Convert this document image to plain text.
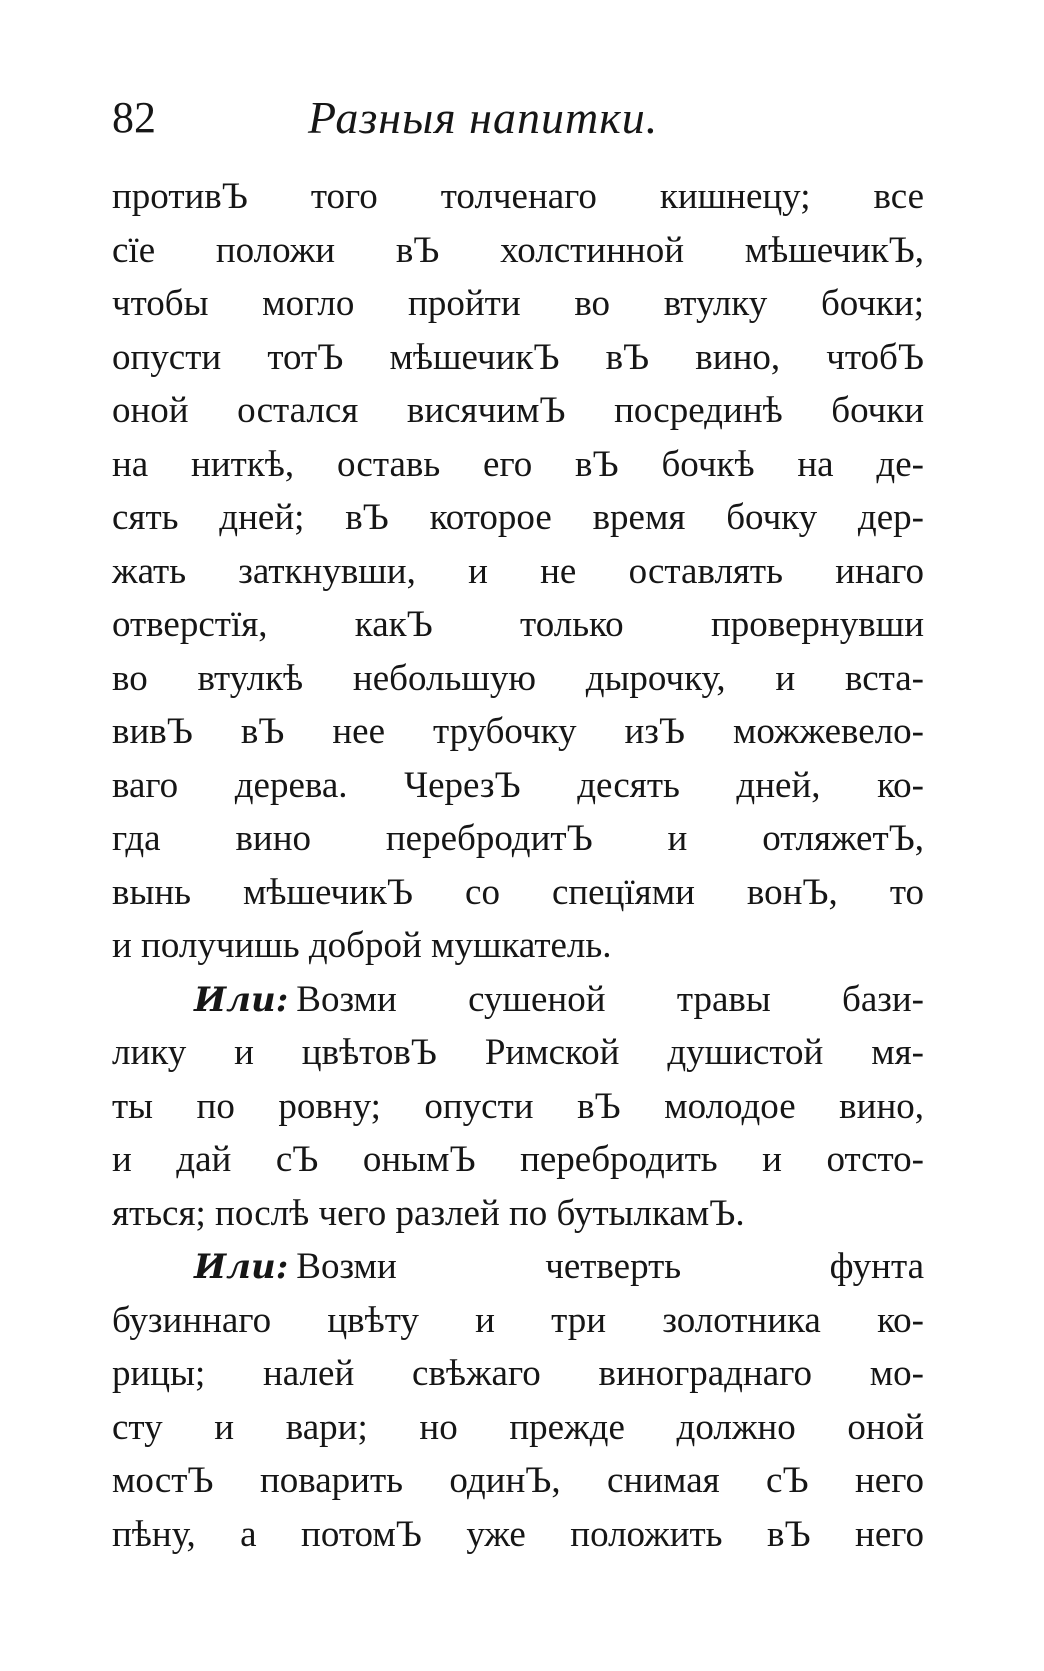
82	Разныя напитки.
противЪ того толченаго кишнецу; все
сїе положи вЪ холстинной мѣшечикЪ,
чтобы могло пройти во втулку бочки;
опусти тотЪ мѣшечикЪ вЪ вино, чтобЪ
оной остался висячимЪ посрединѣ бочки
на ниткѣ, оставь его вЪ бочкѣ на де-
сять дней; вЪ которое время бочку дер-
жать заткнувши, и не оставлять инаго
отверстїя, какЪ только провернувши
во втулкѣ небольшую дырочку, и вста-
вивЪ вЪ нее трубочку изЪ можжевело-
ваго дерева. ЧерезЪ десять дней, ко-
гда вино перебродитЪ и отляжетЪ,
вынь мѣшечикЪ со спецїями вонЪ, то
и получишь доброй мушкатель.
Или: Возми сушеной травы бази-
лику и цвѣтовЪ Римской душистой мя-
ты по ровну; опусти вЪ молодое вино,
и дай сЪ онымЪ перебродить и отсто-
яться; послѣ чего разлей по бутылкамЪ.
Или: Возми четверть фунта
бузиннаго цвѣту и три золотника ко-
рицы; налей свѣжаго винограднаго мо-
сту и вари; но прежде должно оной
мостЪ поварить одинЪ, снимая сЪ него
пѣну, а потомЪ уже положить вЪ него
